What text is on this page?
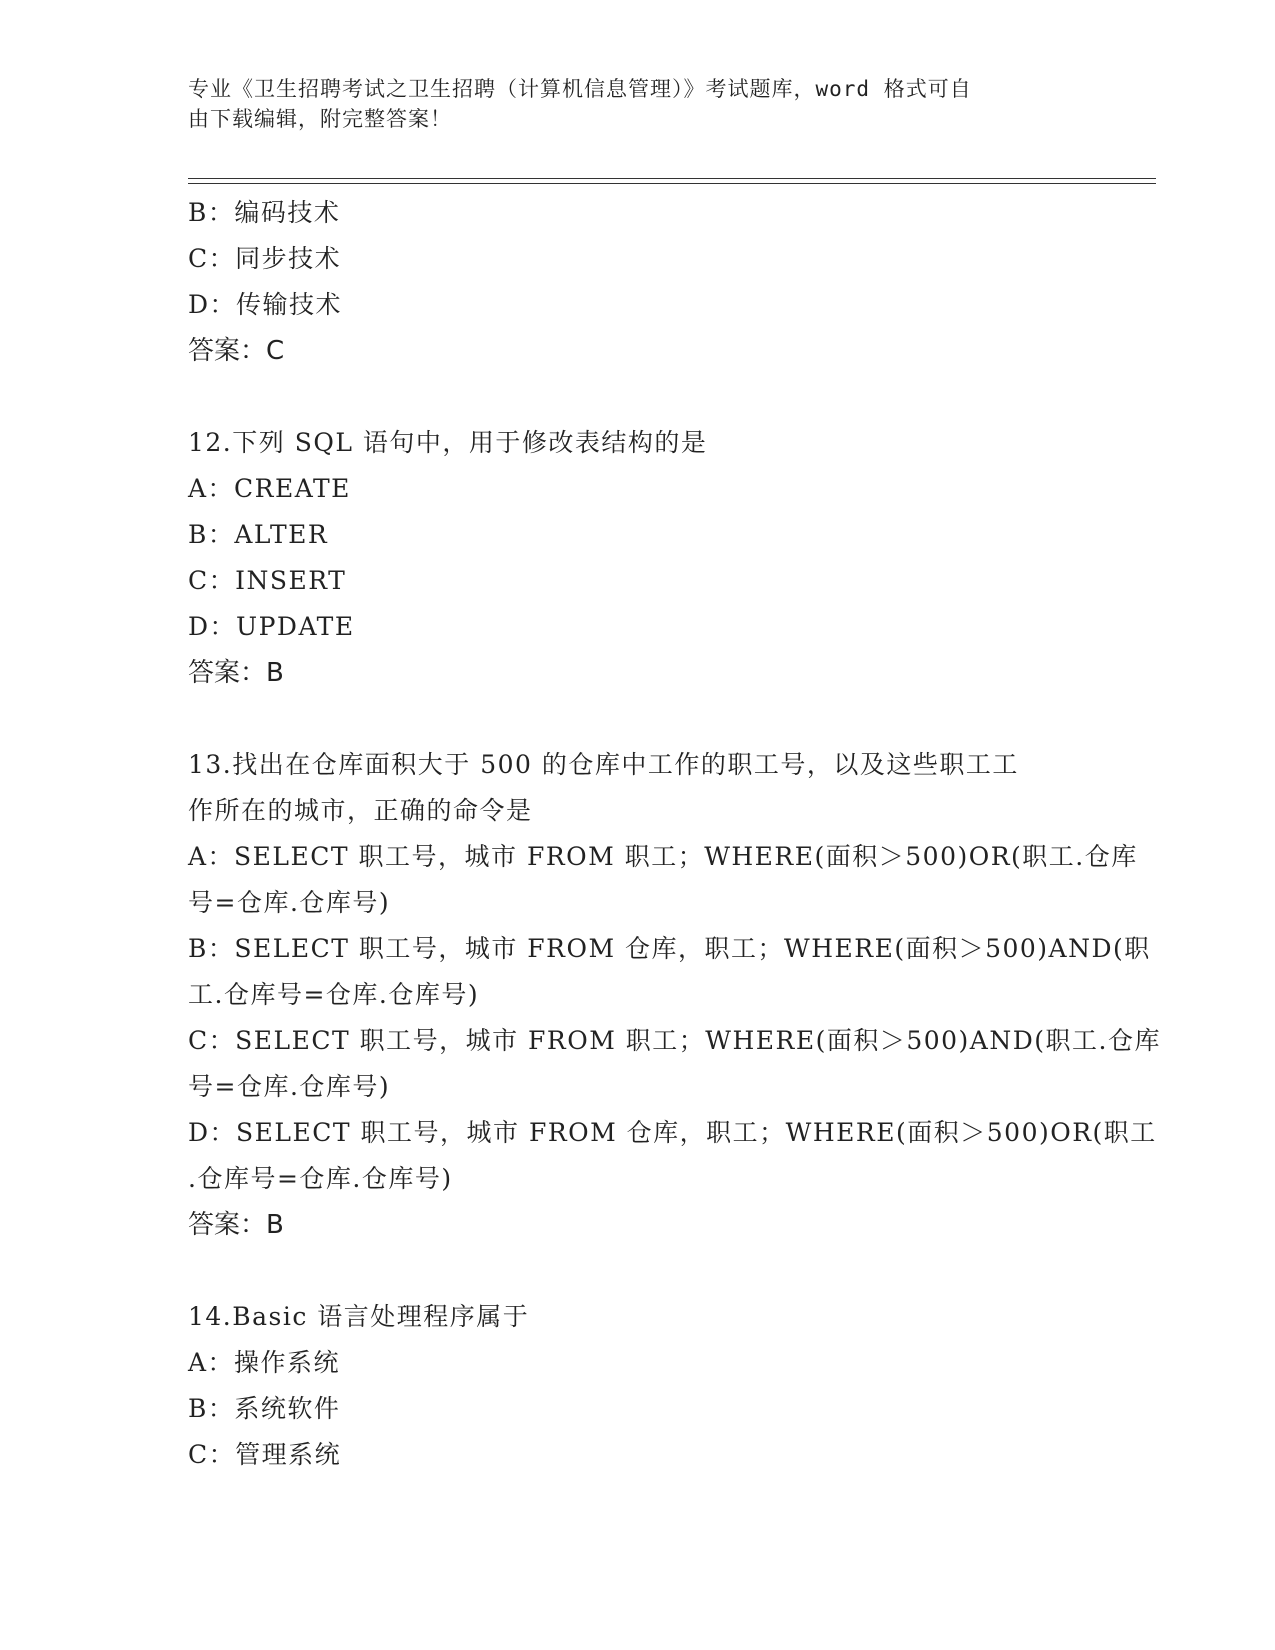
专业《卫生招聘考试之卫生招聘（计算机信息管理）》考试题库，word 格式可自
由下载编辑，附完整答案！
B：编码技术
C：同步技术
D：传输技术
答案：C
12.下列 SQL 语句中，用于修改表结构的是
A：CREATE
B：ALTER
C：INSERT
D：UPDATE
答案：B
13.找出在仓库面积大于 500 的仓库中工作的职工号，以及这些职工工
作所在的城市，正确的命令是
A：SELECT 职工号，城市 FROM 职工；WHERE(面积＞500)OR(职工.仓库
号=仓库.仓库号)
B：SELECT 职工号，城市 FROM 仓库，职工；WHERE(面积＞500)AND(职
工.仓库号=仓库.仓库号)
C：SELECT 职工号，城市 FROM 职工；WHERE(面积＞500)AND(职工.仓库
号=仓库.仓库号)
D：SELECT 职工号，城市 FROM 仓库，职工；WHERE(面积＞500)OR(职工
.仓库号=仓库.仓库号)
答案：B
14.Basic 语言处理程序属于
A：操作系统
B：系统软件
C：管理系统
